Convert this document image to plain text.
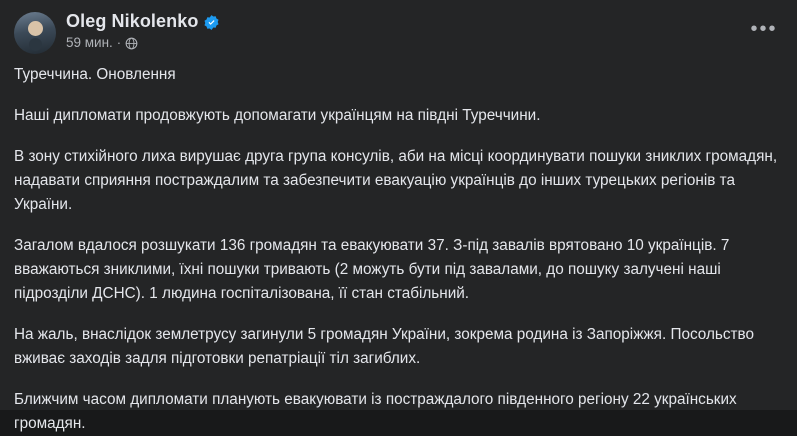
Oleg Nikolenko
59 мин. ·
•••

Туреччина. Оновлення

Наші дипломати продовжують допомагати українцям на півдні Туреччини.

В зону стихійного лиха вирушає друга група консулів, аби на місці координувати пошуки зниклих громадян, надавати сприяння постраждалим та забезпечити евакуацію українців до інших турецьких регіонів та України.

Загалом вдалося розшукати 136 громадян та евакуювати 37. З-під завалів врятовано 10 українців. 7 вважаються зниклими, їхні пошуки тривають (2 можуть бути під завалами, до пошуку залучені наші підрозділи ДСНС). 1 людина госпіталізована, її стан стабільний.

На жаль, внаслідок землетрусу загинули 5 громадян України, зокрема родина із Запоріжжя. Посольство вживає заходів задля підготовки репатріації тіл загиблих.

Ближчим часом дипломати планують евакуювати із постраждалого південного регіону 22 українських громадян.
